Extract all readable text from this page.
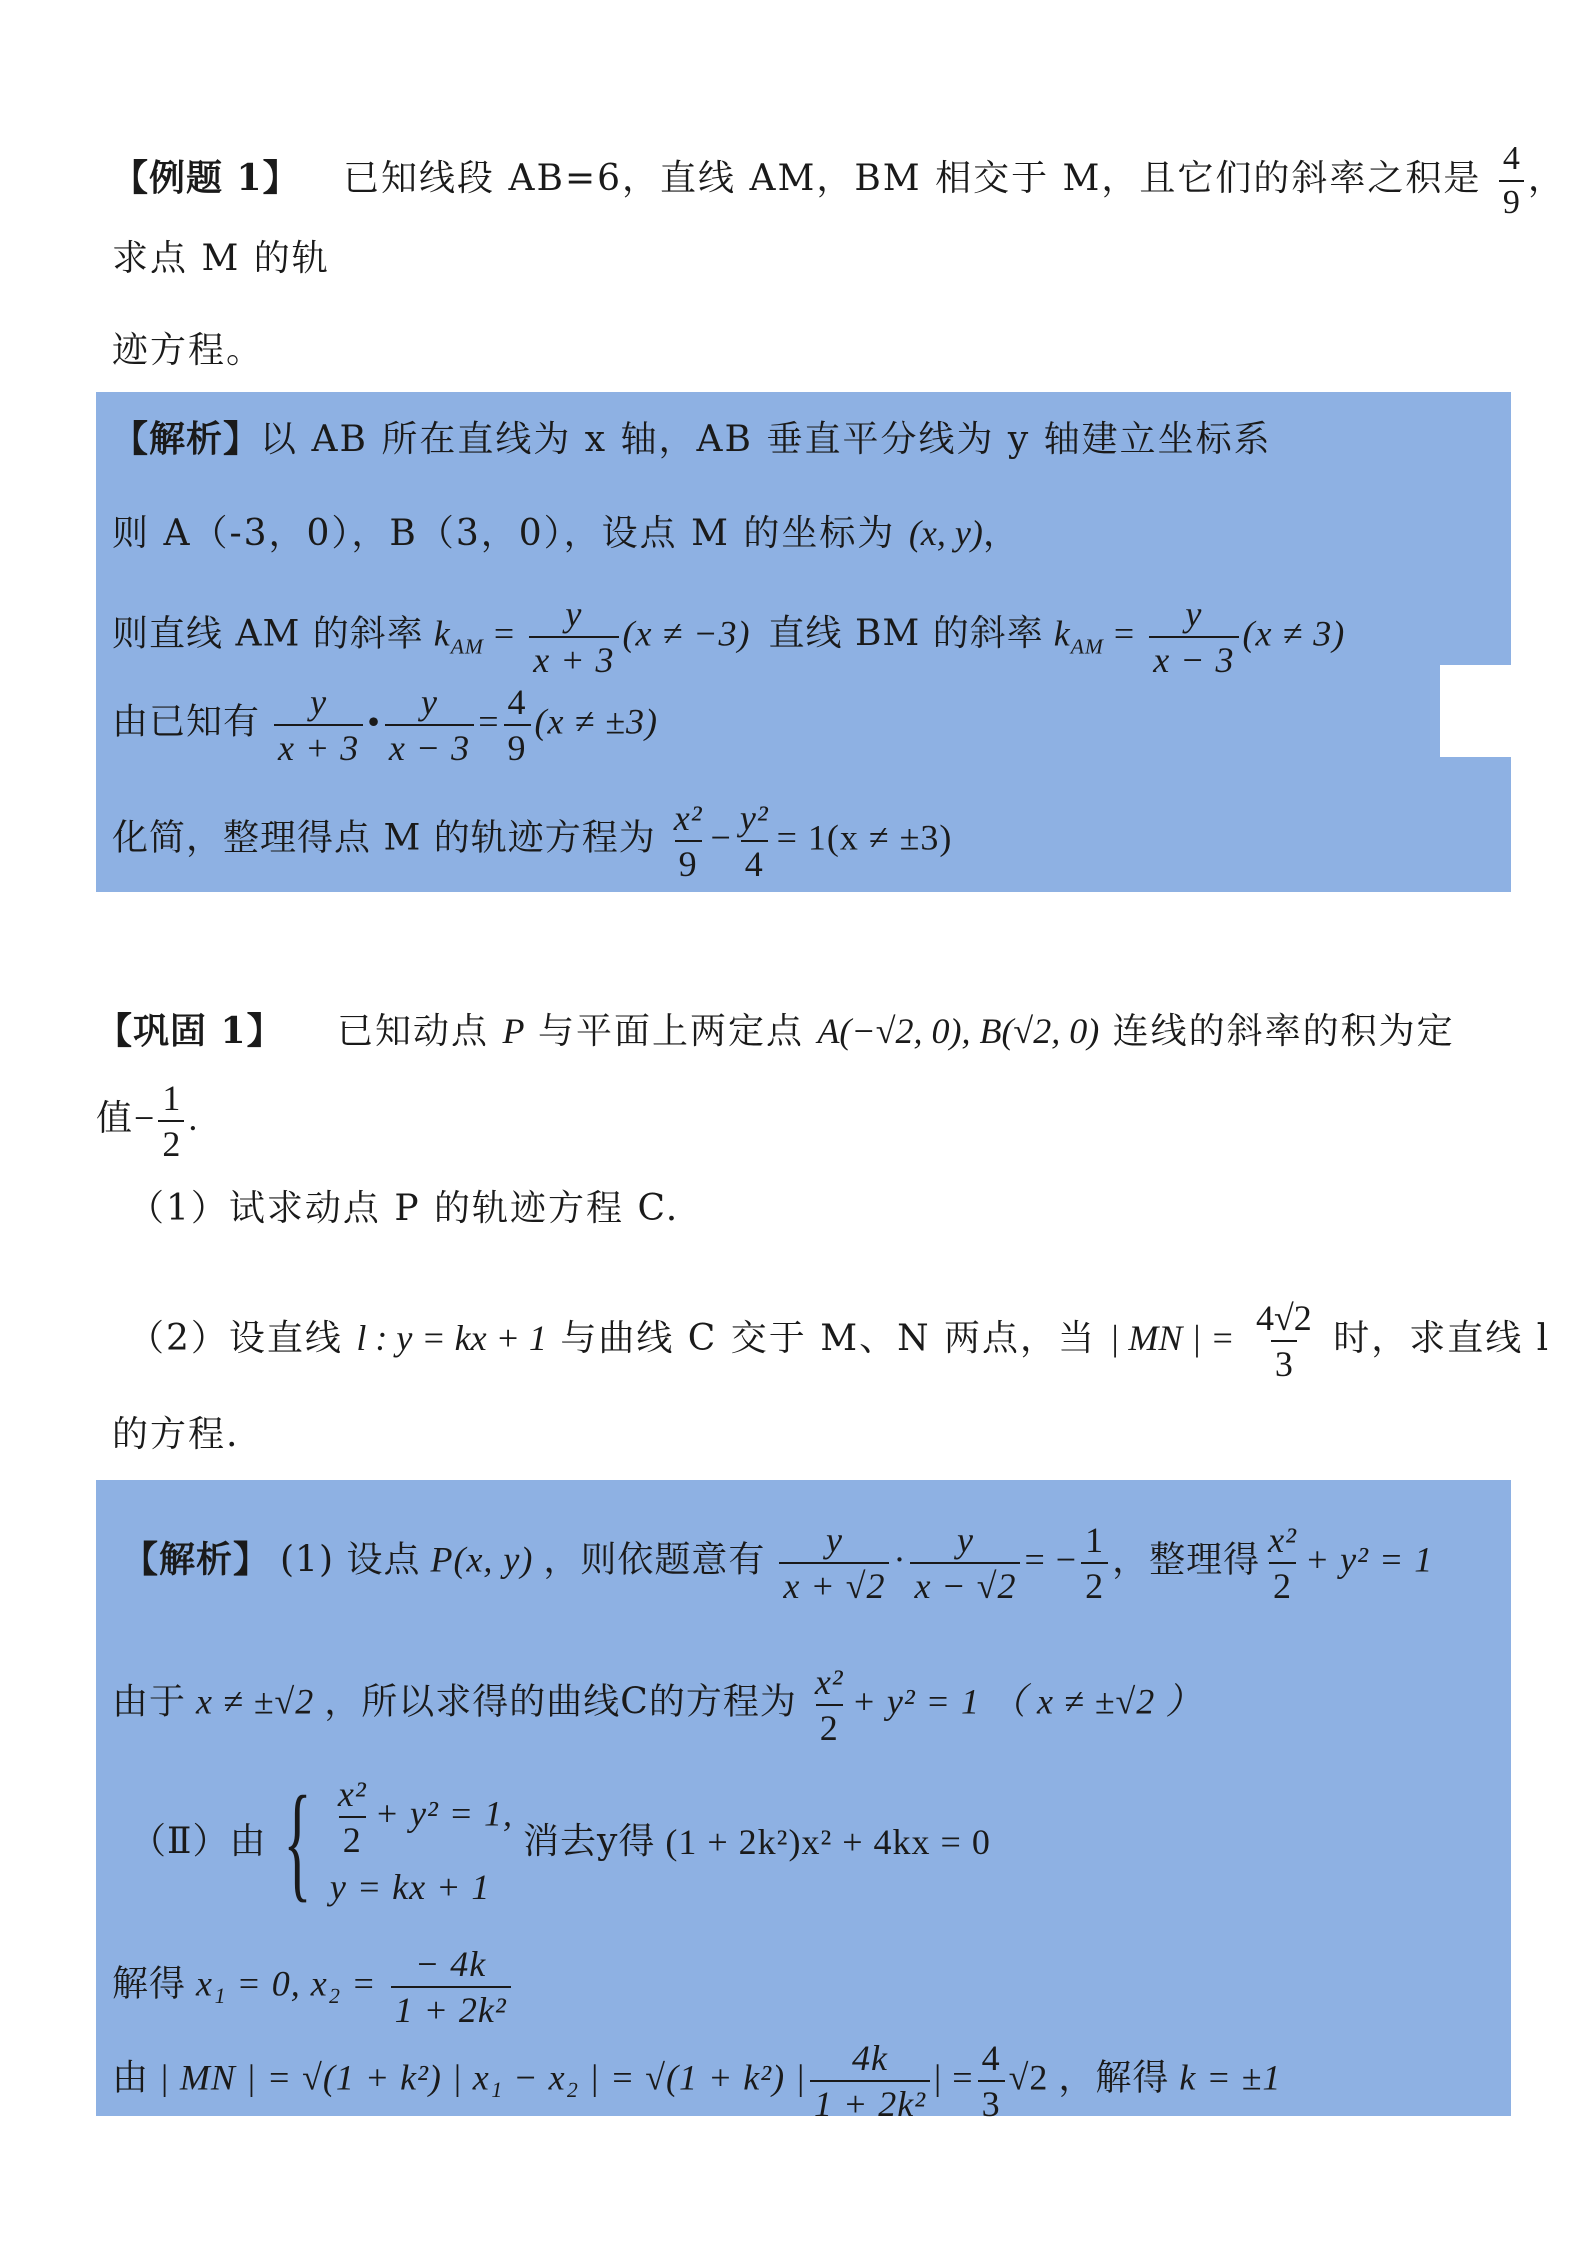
【例题 1】 已知线段 AB=6，直线 AM，BM 相交于 M，且它们的斜率之积是 $\frac{4}{9}$ ，
求点 M 的轨
迹方程。
【解析】以 AB 所在直线为 x 轴，AB 垂直平分线为 y 轴建立坐标系
则 A（-3，0），B（3，0），设点 M 的坐标为 (x, y)，
则直线 AM 的斜率 $k_{AM} = \frac{y}{x + 3} (x \ne -3)$ 直线 BM 的斜率 $k_{AM} = \frac{y}{x - 3} (x \ne 3)$
由已知有 $\frac{y}{x + 3}$ • $\frac{y}{x - 3} = \frac{4}{9} (x \ne \pm 3)$
化简，整理得点 M 的轨迹方程为 $\frac{\text{x²}}{9} - \frac{\text{y²}}{4} = 1(x \ne \pm 3)$
【巩固 1】 已知动点 P 与平面上两定点 A(−√2, 0), B(√2, 0) 连线的斜率的积为定
值− $\frac{1}{2}$ .
（1）试求动点 P 的轨迹方程 C.
（2）设直线 l : y = kx + 1 与曲线 C 交于 M、N 两点，当 | MN | = $\frac{4√2}{3}$ 时，求直线 l
的方程.
【解析】 (1) 设点 P(x, y) ，则依题意有 $\frac{y}{x + √2} \cdot \frac{y}{x - √2}$ = − $\frac{1}{2}$ ，整理得 $\frac{\text{x²}}{2} + y^2 = 1$
由于 x ≠ ±√2 ，所以求得的曲线C的方程为 $\frac{\text{x²}}{2} + y^2 = 1$ （ x ≠ ±√2 ）
（Ⅱ）由 { $\frac{\text{x²}}{2} + y^2 = 1$,
y = kx + 1
消去y得 (1 + 2k²)x² + 4kx = 0
解得 x₁ = 0, $x_2 = \frac{- 4k}{\text{1 + 2k²}}$
由 | MN | = √(1 + k²) | x₁ − x₂ | = √(1 + k²) | $\frac{4k}{\text{1 + 2k²}}$ | = $\frac{4}{3} √2$ ，解得 k = ±1
